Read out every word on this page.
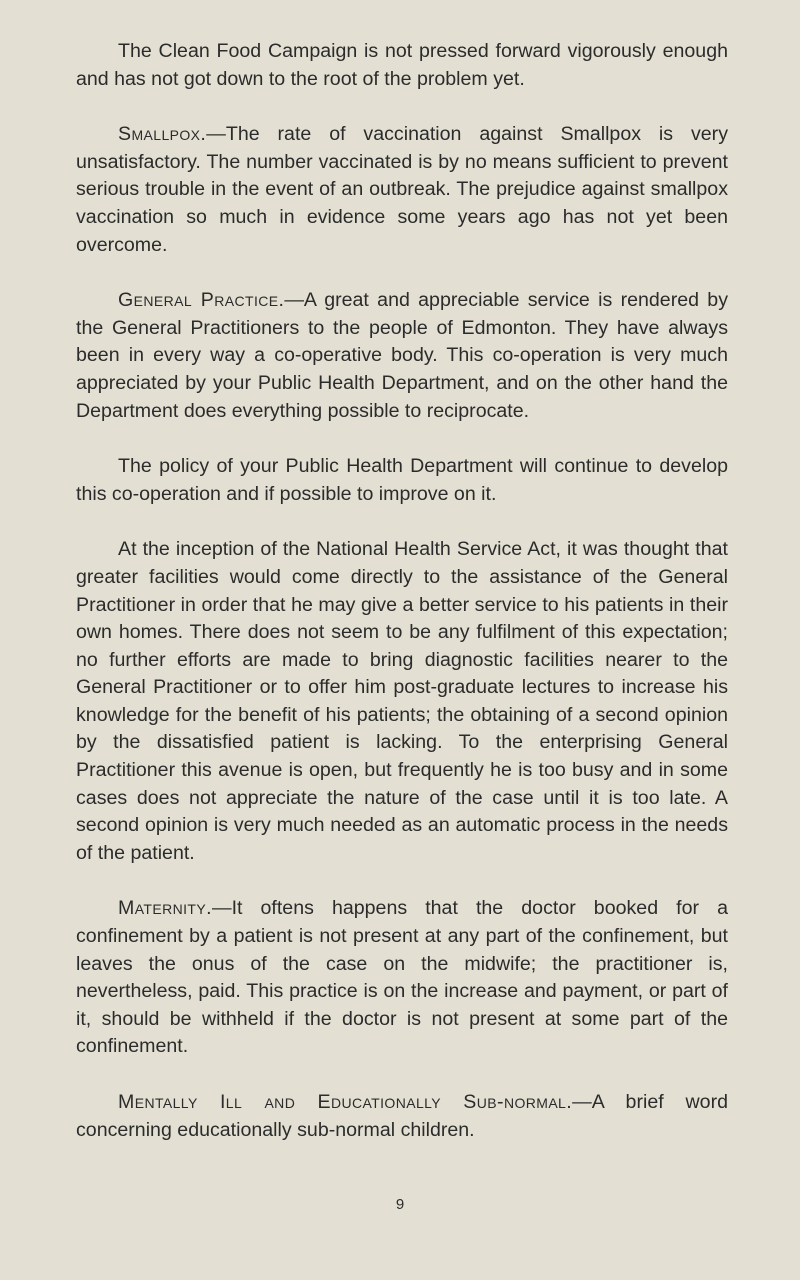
The Clean Food Campaign is not pressed forward vigorously enough and has not got down to the root of the problem yet.

Smallpox.—The rate of vaccination against Smallpox is very unsatisfactory. The number vaccinated is by no means sufficient to prevent serious trouble in the event of an outbreak. The prejudice against smallpox vaccination so much in evidence some years ago has not yet been overcome.

General Practice.—A great and appreciable service is rendered by the General Practitioners to the people of Edmonton. They have always been in every way a co-operative body. This co-operation is very much appreciated by your Public Health Department, and on the other hand the Department does everything possible to reciprocate.

The policy of your Public Health Department will continue to develop this co-operation and if possible to improve on it.

At the inception of the National Health Service Act, it was thought that greater facilities would come directly to the assistance of the General Practitioner in order that he may give a better service to his patients in their own homes. There does not seem to be any fulfilment of this expectation; no further efforts are made to bring diagnostic facilities nearer to the General Practitioner or to offer him post-graduate lectures to increase his knowledge for the benefit of his patients; the obtaining of a second opinion by the dissatisfied patient is lacking. To the enterprising General Practitioner this avenue is open, but frequently he is too busy and in some cases does not appreciate the nature of the case until it is too late. A second opinion is very much needed as an automatic process in the needs of the patient.

Maternity.—It oftens happens that the doctor booked for a confinement by a patient is not present at any part of the confinement, but leaves the onus of the case on the midwife; the practitioner is, nevertheless, paid. This practice is on the increase and payment, or part of it, should be withheld if the doctor is not present at some part of the confinement.

Mentally Ill and Educationally Sub-normal.—A brief word concerning educationally sub-normal children.

9
